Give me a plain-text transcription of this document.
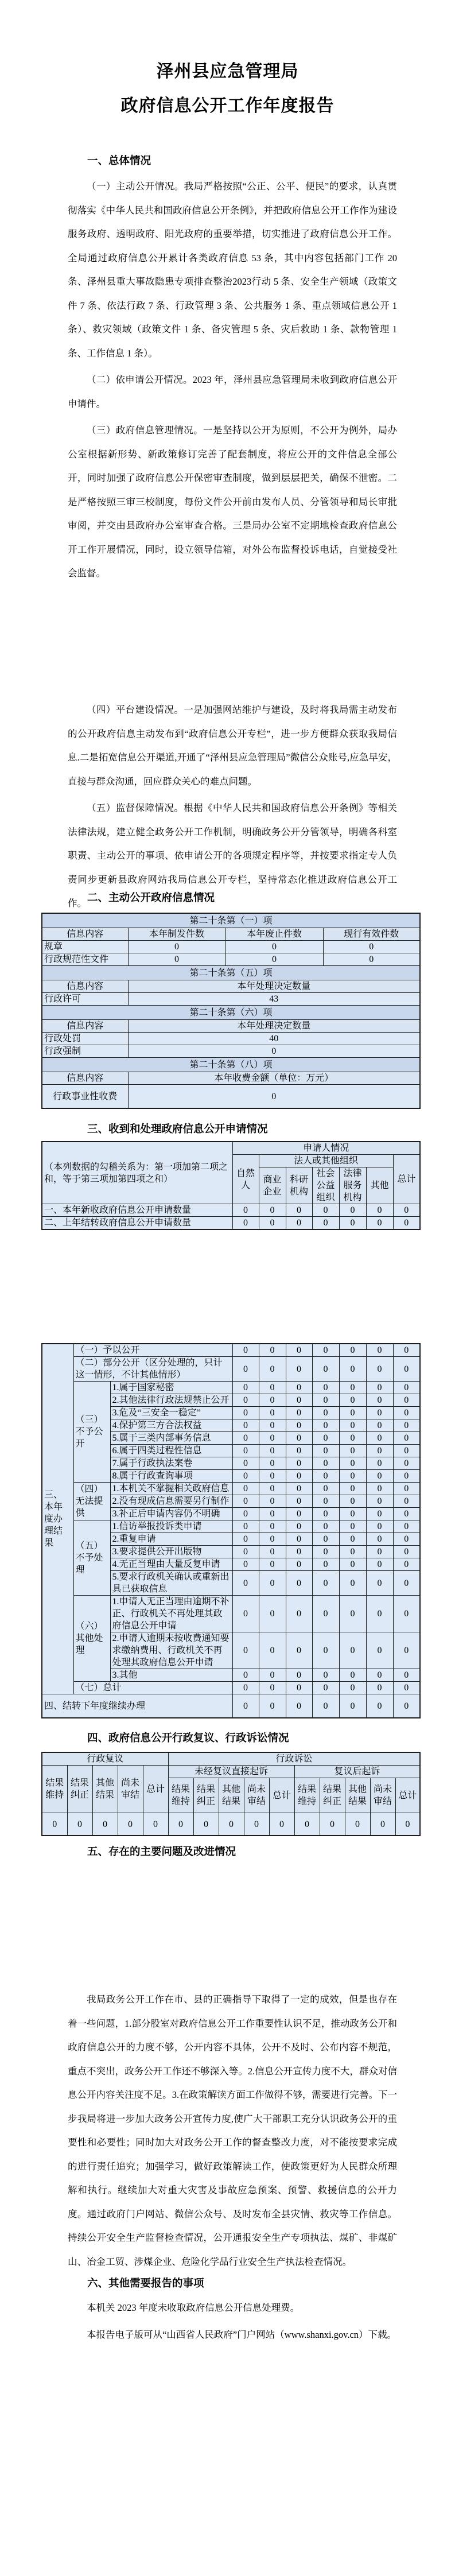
泽州县应急管理局
政府信息公开工作年度报告
一、总体情况

（一）主动公开情况。我局严格按照“公正、公平、便民”的要求，认真贯彻落实《中华人民共和国政府信息公开条例》，并把政府信息公开工作作为建设服务政府、透明政府、阳光政府的重要举措，切实推进了政府信息公开工作。全局通过政府信息公开累计各类政府信息 53 条，其中内容包括部门工作 20 条、泽州县重大事故隐患专项排查整治2023行动 5 条、安全生产领域（政策文件 7 条、依法行政 7 条、行政管理 3 条、公共服务 1 条、重点领域信息公开 1 条）、救灾领域（政策文件 1 条、备灾管理 5 条、灾后救助 1 条、款物管理 1 条、工作信息 1 条）。

（二）依申请公开情况。2023 年，泽州县应急管理局未收到政府信息公开申请件。

（三）政府信息管理情况。一是坚持以公开为原则，不公开为例外，局办公室根据新形势、新政策修订完善了配套制度，将应公开的文件信息全部公开，同时加强了政府信息公开保密审查制度，做到层层把关，确保不泄密。二是严格按照三审三校制度，每份文件公开前由发布人员、分管领导和局长审批审阅，并交由县政府办公室审查合格。三是局办公室不定期地检查政府信息公开工作开展情况，同时，设立领导信箱，对外公布监督投诉电话，自觉接受社会监督。

（四）平台建设情况。一是加强网站维护与建设，及时将我局需主动发布的公开政府信息主动发布到“政府信息公开专栏”，进一步方便群众获取我局信息.二是拓宽信息公开渠道,开通了“泽州县应急管理局”微信公众账号,应急早安，直接与群众沟通，回应群众关心的难点问题。

（五）监督保障情况。根据《中华人民共和国政府信息公开条例》等相关法律法规，建立健全政务公开工作机制，明确政务公开分管领导，明确各科室职责、主动公开的事项、依申请公开的各项规定程序等，并按要求指定专人负责同步更新县政府网站我局信息公开专栏，坚持常态化推进政府信息公开工作。 二、主动公开政府信息情况
第二十条第（一）项			
信息内容	本年制发件数	本年废止件数	现行有效件数
规章	0	0	0
行政规范性文件	0	0	0
第二十条第（五）项			
信息内容	本年处理决定数量		
行政许可	43		
第二十条第（六）项			
信息内容	本年处理决定数量		
行政处罚	40		
行政强制	0		
第二十条第（八）项			
信息内容	本年收费金额（单位：万元）		
行政事业性收费	0		
三、收到和处理政府信息公开申请情况
（本列数据的勾稽关系为：第一项加第二项之和，等于第三项加第四项之和）	申请人情况						
	自然人	法人或其他组织					总计
		商业企业	科研机构	社会公益组织	法律服务机构	其他	
一、本年新收政府信息公开申请数量	0	0	0	0	0	0	0
二、上年结转政府信息公开申请数量	0	0	0	0	0	0	0
三、本年度办理结果	（一）予以公开		0	0	0	0	0	0	0
	（二）部分公开（区分处理的，只计这一情形，不计其他情形）		0	0	0	0	0	0	0
	（三）不予公开	1.属于国家秘密	0	0	0	0	0	0	0
		2.其他法律行政法规禁止公开	0	0	0	0	0	0	0
		3.危及“三安全一稳定”	0	0	0	0	0	0	0
		4.保护第三方合法权益	0	0	0	0	0	0	0
		5.属于三类内部事务信息	0	0	0	0	0	0	0
		6.属于四类过程性信息	0	0	0	0	0	0	0
		7.属于行政执法案卷	0	0	0	0	0	0	0
		8.属于行政查询事项	0	0	0	0	0	0	0
	（四）无法提供	1.本机关不掌握相关政府信息	0	0	0	0	0	0	0
		2.没有现成信息需要另行制作	0	0	0	0	0	0	0
		3.补正后申请内容仍不明确	0	0	0	0	0	0	0
	（五）不予处理	1.信访举报投诉类申请	0	0	0	0	0	0	0
		2.重复申请	0	0	0	0	0	0	0
		3.要求提供公开出版物	0	0	0	0	0	0	0
		4.无正当理由大量反复申请	0	0	0	0	0	0	0
		5.要求行政机关确认或重新出具已获取信息	0	0	0	0	0	0	0
	（六）其他处理	1.申请人无正当理由逾期不补正、行政机关不再处理其政府信息公开申请	0	0	0	0	0	0	0
		2.申请人逾期未按收费通知要求缴纳费用、行政机关不再处理其政府信息公开申请	0	0	0	0	0	0	0
		3.其他	0	0	0	0	0	0	0
	（七）总计		0	0	0	0	0	0	0
四、结转下年度继续办理			0	0	0	0	0	0	0
四、政府信息公开行政复议、行政诉讼情况
行政复议					行政诉讼									
结果维持	结果纠正	其他结果	尚未审结	总计	未经复议直接起诉					复议后起诉				
					结果维持	结果纠正	其他结果	尚未审结	总计	结果维持	结果纠正	其他结果	尚未审结	总计
0	0	0	0	0	0	0	0	0	0	0	0	0	0	0
五、存在的主要问题及改进情况

我局政务公开工作在市、县的正确指导下取得了一定的成效，但是也存在着一些问题，1.部分股室对政府信息公开工作重要性认识不足，推动政务公开和政府信息公开的力度不够，公开内容不具体，公开不及时、公布内容不规范，重点不突出，政务公开工作还不够深入等。2.信息公开宣传力度不大，群众对信息公开内容关注度不足。3.在政策解读方面工作做得不够，需要进行完善。下一步我局将进一步加大政务公开宣传力度,使广大干部职工充分认识政务公开的重要性和必要性；同时加大对政务公开工作的督查整改力度，对不能按要求完成的进行责任追究；加强学习，做好政策解读工作，使政策更好为人民群众所理解和执行。继续加大对重大灾害及事故应急预案、预警、救援信息的公开力度。通过政府门户网站、微信公众号、及时发布全县灾情、救灾等工作信息。持续公开安全生产监督检查情况，公开通报安全生产专项执法、煤矿、非煤矿山、冶金工贸、涉煤企业、危险化学品行业安全生产执法检查情况。

六、其他需要报告的事项

本机关 2023 年度未收取政府信息公开信息处理费。

本报告电子版可从“山西省人民政府”门户网站（www.shanxi.gov.cn）下载。
